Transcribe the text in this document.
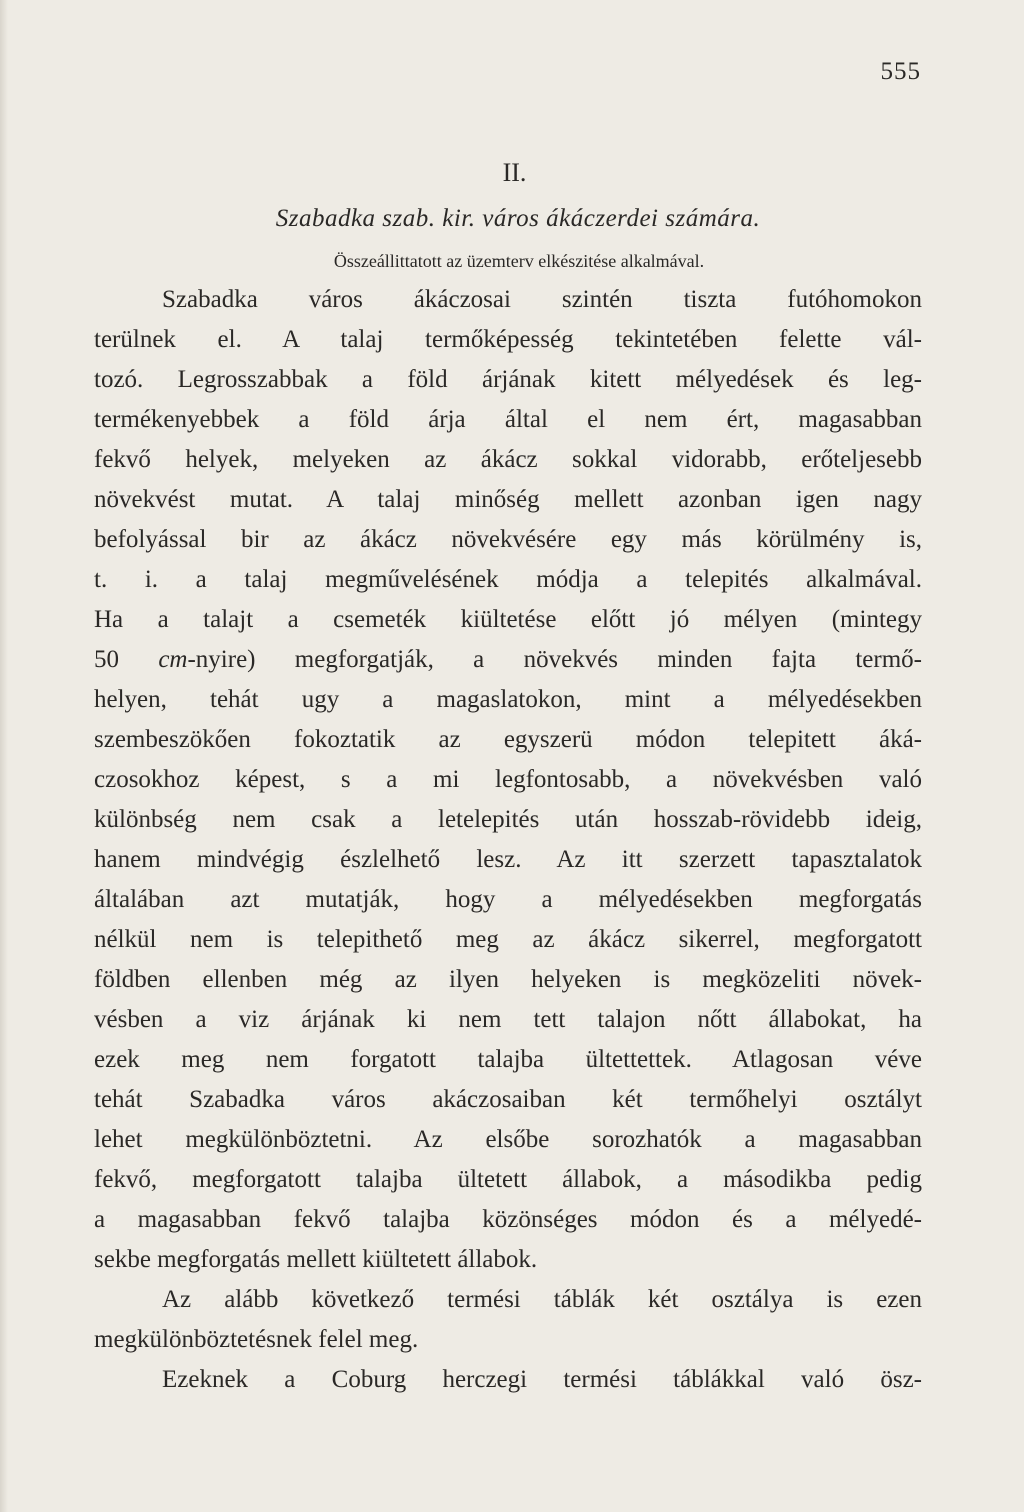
555
II.
Szabadka szab. kir. város ákáczerdei számára.
Összeállittatott az üzemterv elkészitése alkalmával.
Szabadka város ákáczosai szintén tiszta futóhomokon
terülnek el. A talaj termőképesség tekintetében felette vál-
tozó. Legrosszabbak a föld árjának kitett mélyedések és leg-
termékenyebbek a föld árja által el nem ért, magasabban
fekvő helyek, melyeken az ákácz sokkal vidorabb, erőteljesebb
növekvést mutat. A talaj minőség mellett azonban igen nagy
befolyással bir az ákácz növekvésére egy más körülmény is,
t. i. a talaj megművelésének módja a telepités alkalmával.
Ha a talajt a csemeték kiültetése előtt jó mélyen (mintegy
50 cm-nyire) megforgatják, a növekvés minden fajta termő-
helyen, tehát ugy a magaslatokon, mint a mélyedésekben
szembeszökően fokoztatik az egyszerü módon telepitett áká-
czosokhoz képest, s a mi legfontosabb, a növekvésben való
különbség nem csak a letelepités után hosszab-rövidebb ideig,
hanem mindvégig észlelhető lesz. Az itt szerzett tapasztalatok
általában azt mutatják, hogy a mélyedésekben megforgatás
nélkül nem is telepithető meg az ákácz sikerrel, megforgatott
földben ellenben még az ilyen helyeken is megközeliti növek-
vésben a viz árjának ki nem tett talajon nőtt állabokat, ha
ezek meg nem forgatott talajba ültettettek. Atlagosan véve
tehát Szabadka város akáczosaiban két termőhelyi osztályt
lehet megkülönböztetni. Az elsőbe sorozhatók a magasabban
fekvő, megforgatott talajba ültetett állabok, a másodikba pedig
a magasabban fekvő talajba közönséges módon és a mélyedé-
sekbe megforgatás mellett kiültetett állabok.
Az alább következő termési táblák két osztálya is ezen
megkülönböztetésnek felel meg.
Ezeknek a Coburg herczegi termési táblákkal való ösz-
